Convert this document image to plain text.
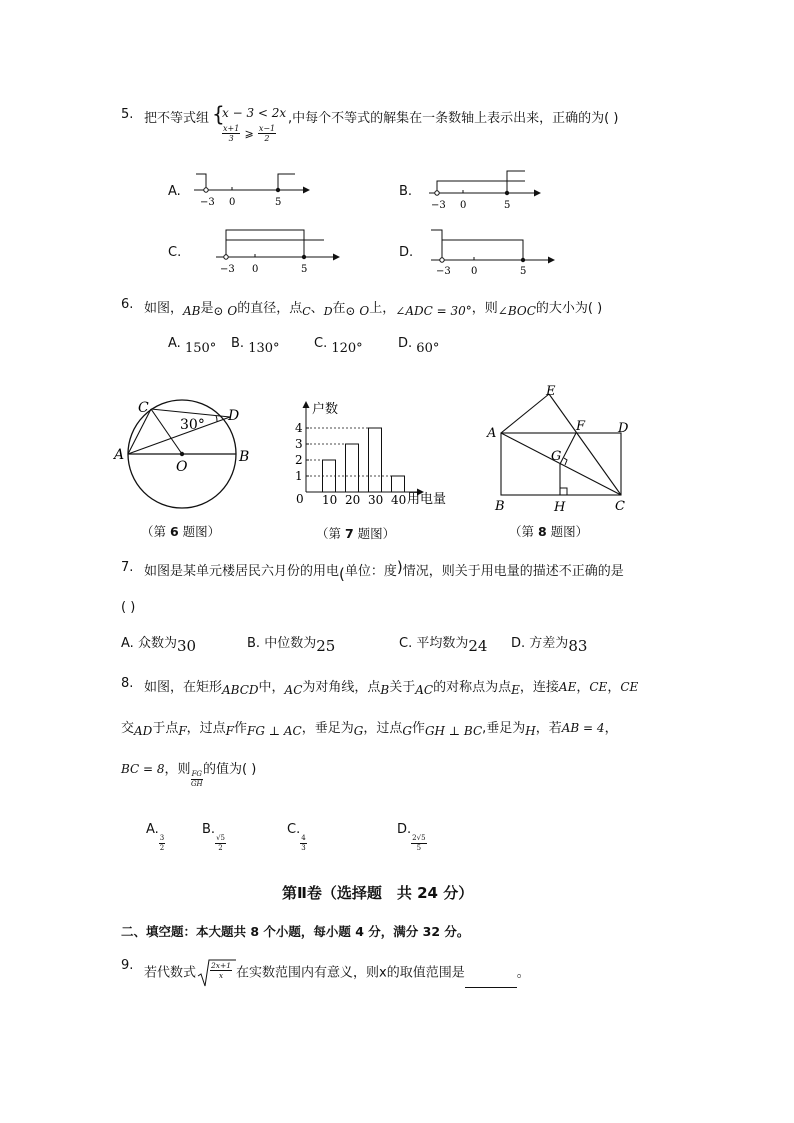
5. 把不等式组 {
x − 3 < 2x
$\frac{x+1}{3}$ ⩾ $\frac{x-1}{2}$
,中每个不等式的解集在一条数轴上表示出来，正确的为( )
A.
−3 0	5
B.
−3 0	5
C.
−3 0	5
D.
−3 0	5
6. 如图，AB是⊙ O的直径，点$_C$、$_D$在⊙ O上，∠ADC = 30°，则∠BOC的大小为( )
A. 150° B. 130°	C. 120°	D. 60°
C	D
A	B
O
30°
（第 6 题图）
户数
用电量
0 10 20 30 40
1
2
3
4
（第 7 题图）
E
A	F	D
G
B	H	C
（第 8 题图）
7. 如图是某单元楼居民六月份的用电(单位：度)情况，则关于用电量的描述不正确的是
( )
A. 众数为30	B. 中位数为25	C. 平均数为24 D. 方差为83
8. 如图，在矩形ABCD中，AC为对角线，点B关于AC的对称点为点E，连接AE，CE，CE
交AD于点F，过点F作FG ⊥ AC，垂足为G，过点G作GH ⊥ BC,垂足为H，若AB = 4，
BC = 8，则
$\frac{FG}{GH}$
的值为( )
A.
$\frac{3}{2}$
B.
$\frac{√5}{2}$
C.
$\frac{4}{3}$
D.
$\frac{2√5}{5}$
第Ⅱ卷（选择题　共 24 分）
二、填空题：本大题共 8 个小题，每小题 4 分，满分 32 分。
9. 若代数式 $\frac{2x+1}{x}$ 在实数范围内有意义，则x的取值范围是	。
